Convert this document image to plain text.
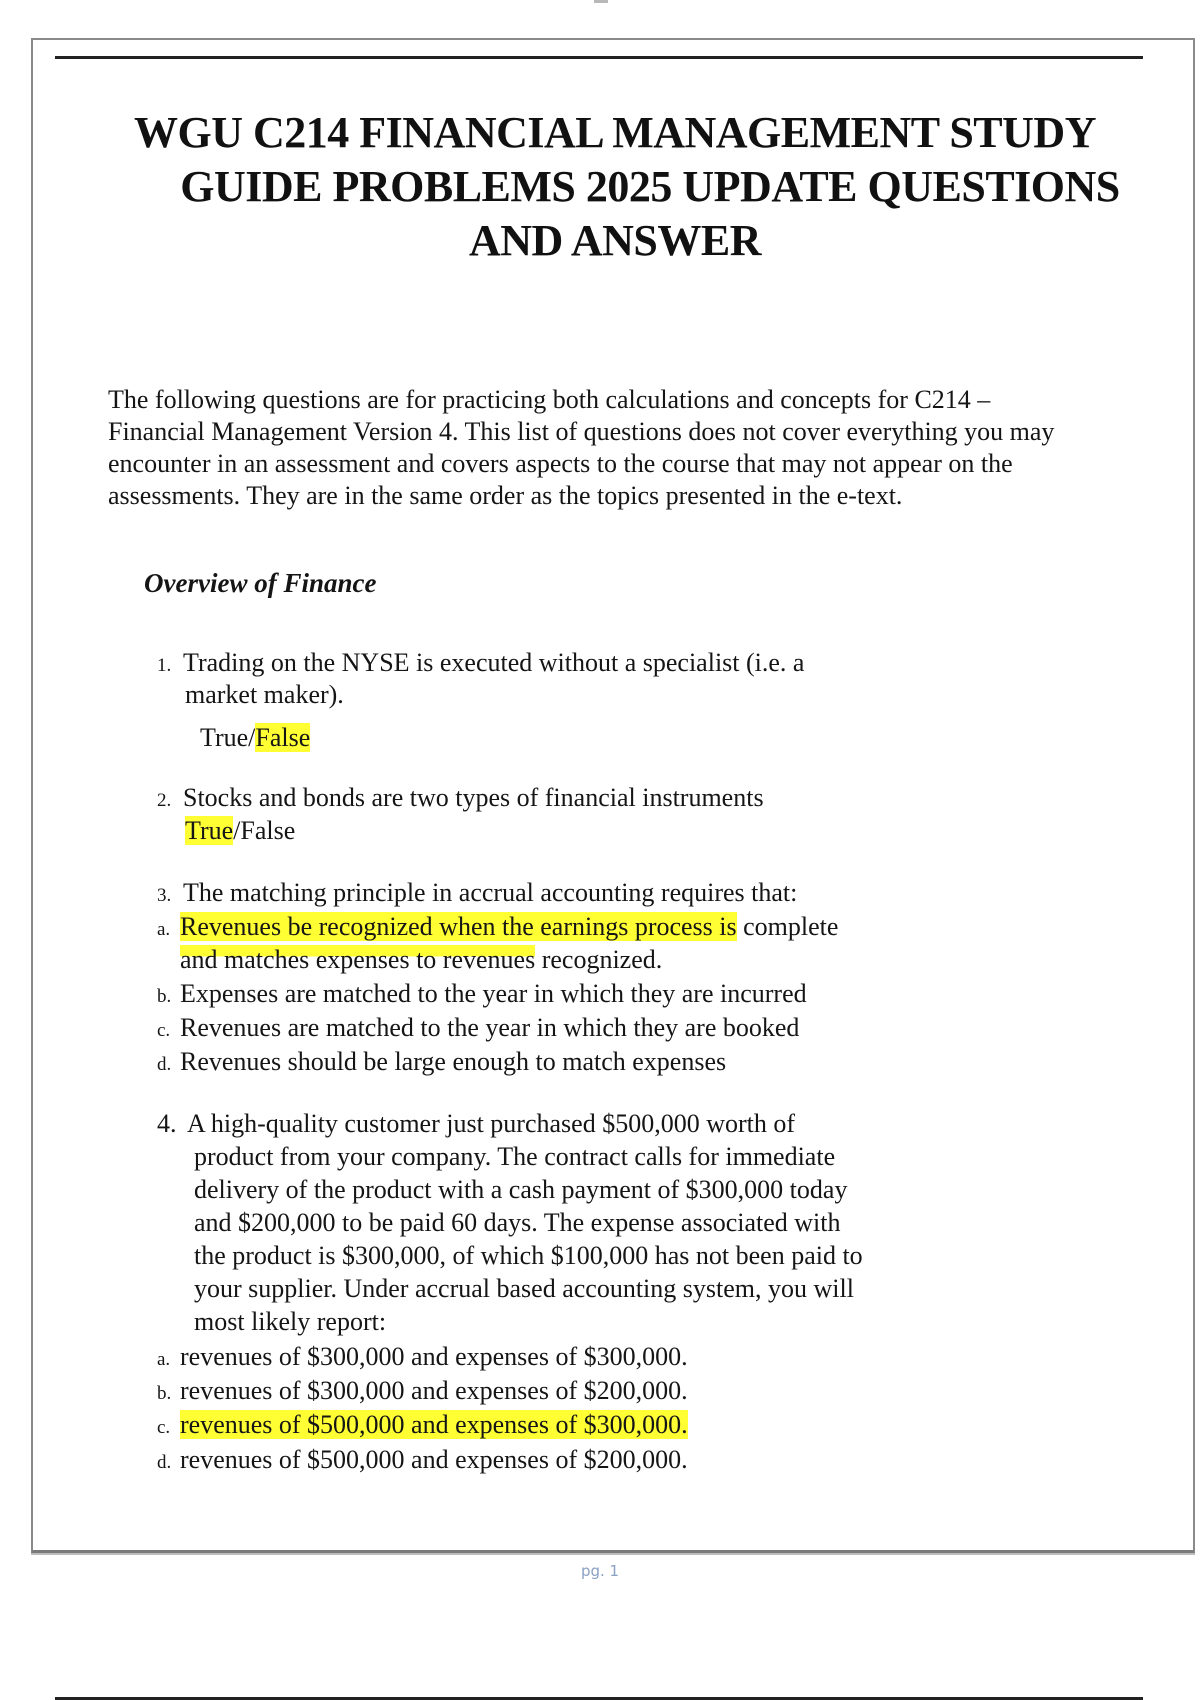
WGU C214 FINANCIAL MANAGEMENT STUDY
GUIDE PROBLEMS 2025 UPDATE QUESTIONS
AND ANSWER
The following questions are for practicing both calculations and concepts for C214 –
Financial Management Version 4. This list of questions does not cover everything you may
encounter in an assessment and covers aspects to the course that may not appear on the
assessments. They are in the same order as the topics presented in the e-text.
Overview of Finance
1. Trading on the NYSE is executed without a specialist (i.e. a
market maker).
True/False
2. Stocks and bonds are two types of financial instruments
True/False
3. The matching principle in accrual accounting requires that:
a. Revenues be recognized when the earnings process is complete
and matches expenses to revenues recognized.
b. Expenses are matched to the year in which they are incurred
c. Revenues are matched to the year in which they are booked
d. Revenues should be large enough to match expenses
4. A high-quality customer just purchased $500,000 worth of
product from your company. The contract calls for immediate
delivery of the product with a cash payment of $300,000 today
and $200,000 to be paid 60 days. The expense associated with
the product is $300,000, of which $100,000 has not been paid to
your supplier. Under accrual based accounting system, you will
most likely report:
a. revenues of $300,000 and expenses of $300,000.
b. revenues of $300,000 and expenses of $200,000.
c. revenues of $500,000 and expenses of $300,000.
d. revenues of $500,000 and expenses of $200,000.
pg. 1
